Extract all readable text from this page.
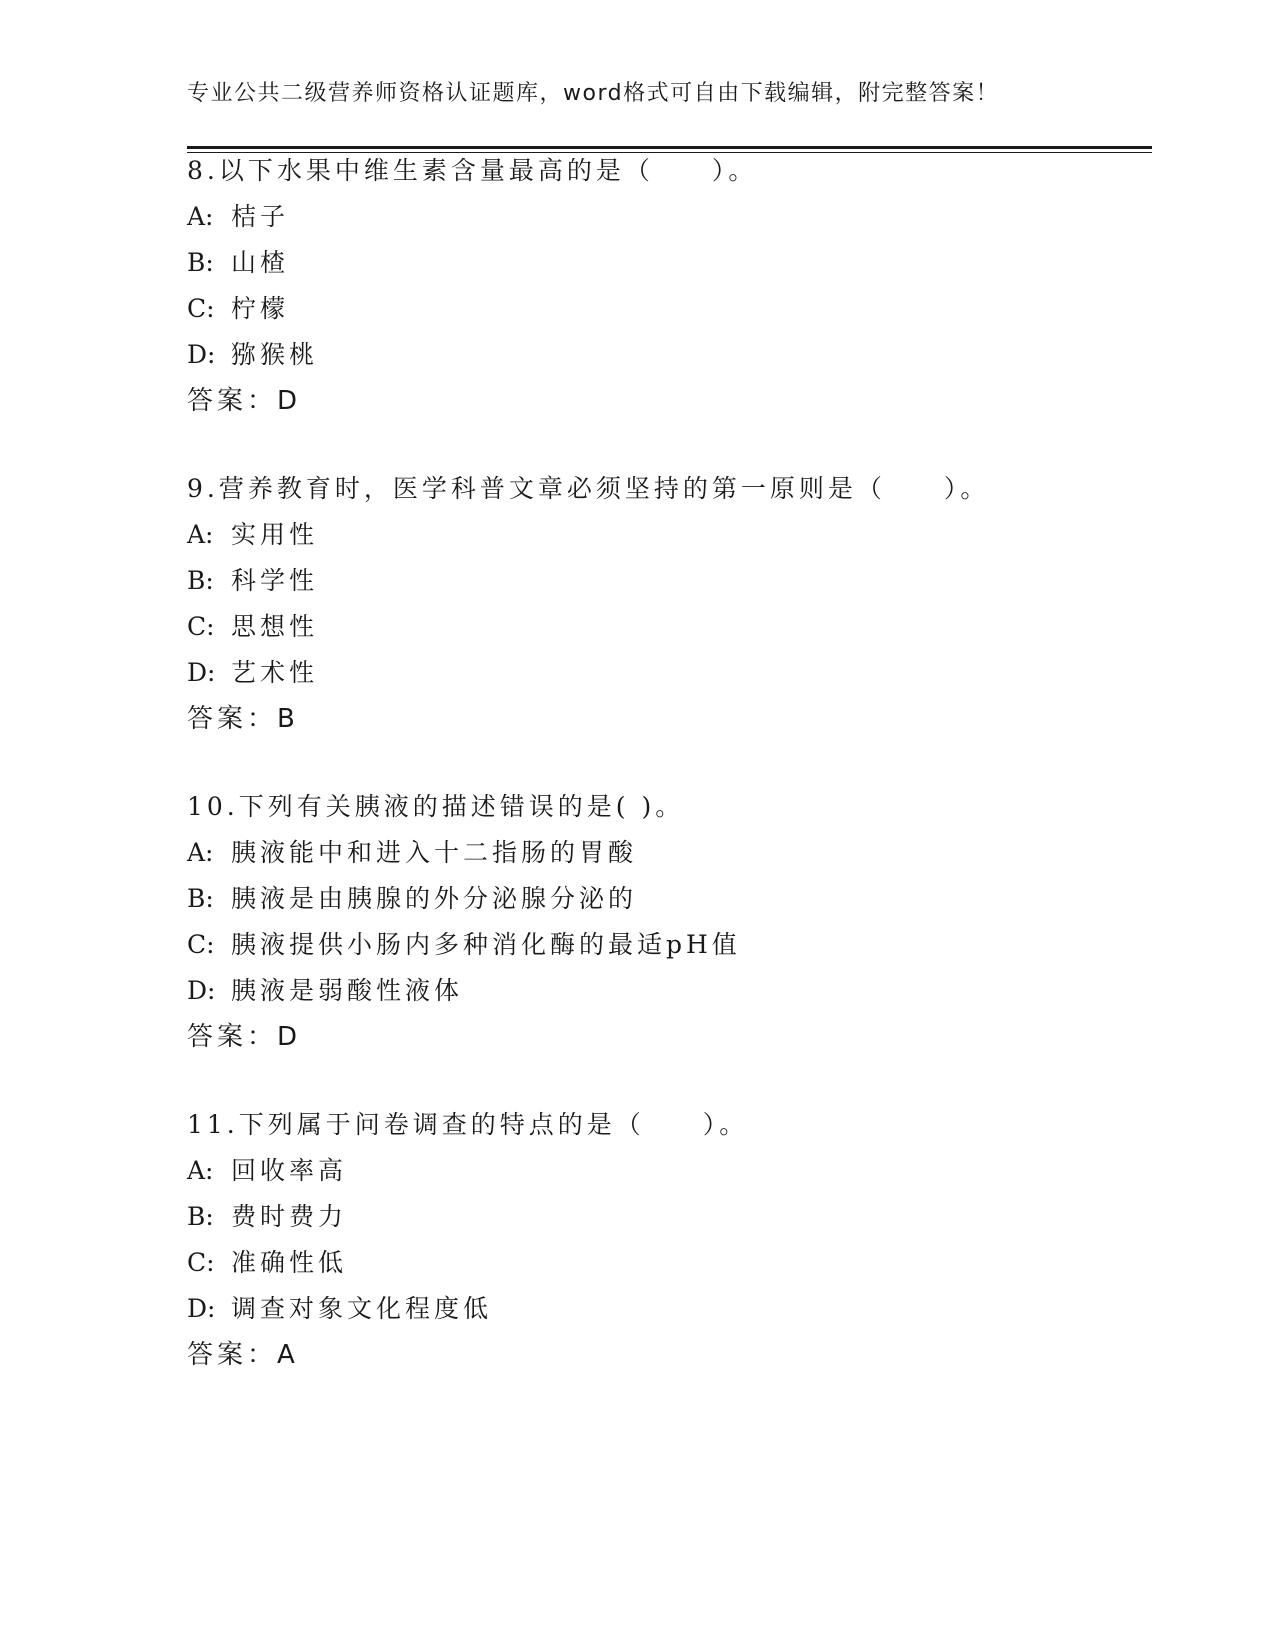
专业公共二级营养师资格认证题库，word格式可自由下载编辑，附完整答案！
8.以下水果中维生素含量最高的是（　　）。
A: 桔子
B: 山楂
C: 柠檬
D: 猕猴桃
答案：D
9.营养教育时，医学科普文章必须坚持的第一原则是（　　）。
A: 实用性
B: 科学性
C: 思想性
D: 艺术性
答案：B
10.下列有关胰液的描述错误的是( )。
A: 胰液能中和进入十二指肠的胃酸
B: 胰液是由胰腺的外分泌腺分泌的
C: 胰液提供小肠内多种消化酶的最适pH值
D: 胰液是弱酸性液体
答案：D
11.下列属于问卷调查的特点的是（　　）。
A: 回收率高
B: 费时费力
C: 准确性低
D: 调查对象文化程度低
答案：A
